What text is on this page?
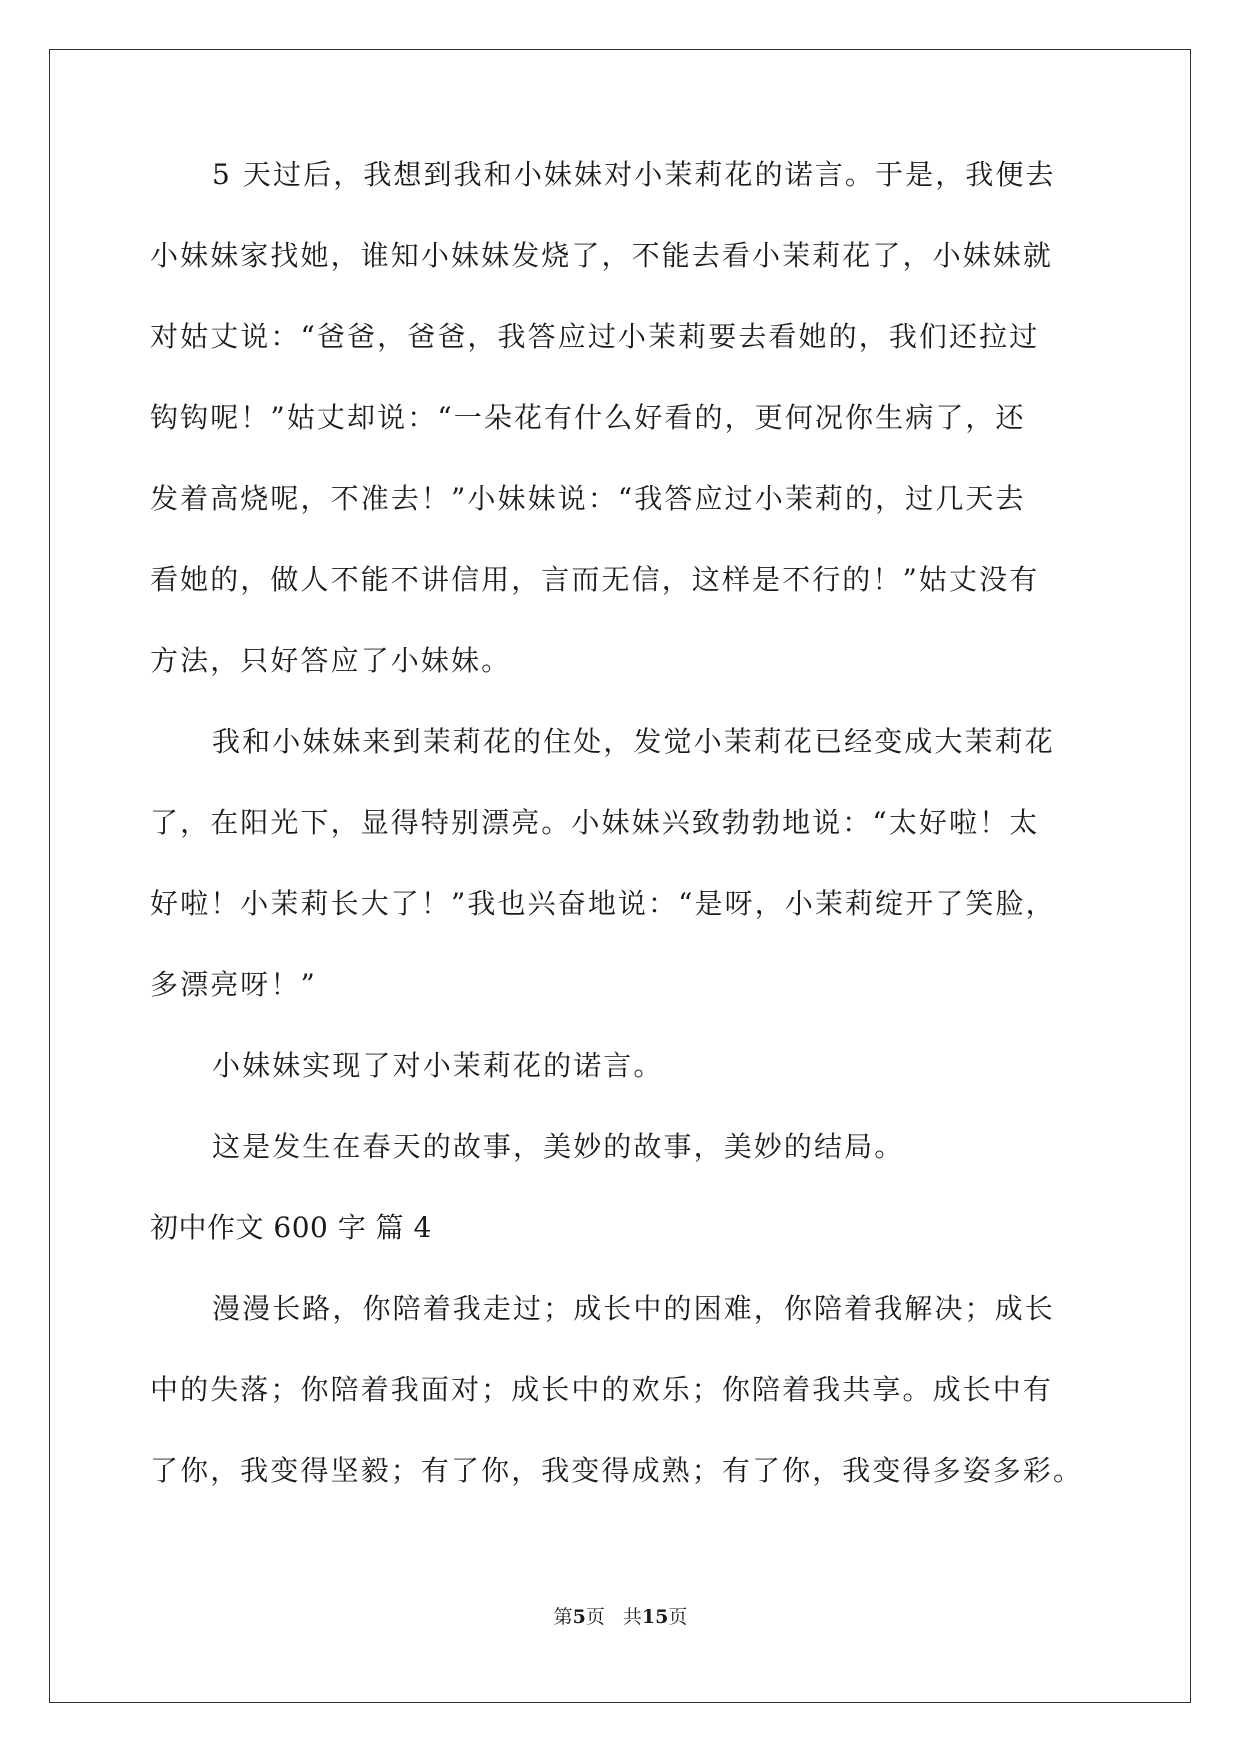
5 天过后，我想到我和小妹妹对小茉莉花的诺言。于是，我便去
小妹妹家找她，谁知小妹妹发烧了，不能去看小茉莉花了，小妹妹就
对姑丈说：“爸爸，爸爸，我答应过小茉莉要去看她的，我们还拉过
钩钩呢！”姑丈却说：“一朵花有什么好看的，更何况你生病了，还
发着高烧呢，不准去！”小妹妹说：“我答应过小茉莉的，过几天去
看她的，做人不能不讲信用，言而无信，这样是不行的！”姑丈没有
方法，只好答应了小妹妹。
我和小妹妹来到茉莉花的住处，发觉小茉莉花已经变成大茉莉花
了，在阳光下，显得特别漂亮。小妹妹兴致勃勃地说：“太好啦！太
好啦！小茉莉长大了！”我也兴奋地说：“是呀，小茉莉绽开了笑脸，
多漂亮呀！”
小妹妹实现了对小茉莉花的诺言。
这是发生在春天的故事，美妙的故事，美妙的结局。
初中作文 600 字 篇 4
漫漫长路，你陪着我走过；成长中的困难，你陪着我解决；成长
中的失落；你陪着我面对；成长中的欢乐；你陪着我共享。成长中有
了你，我变得坚毅；有了你，我变得成熟；有了你，我变得多姿多彩。
第5页 共15页
